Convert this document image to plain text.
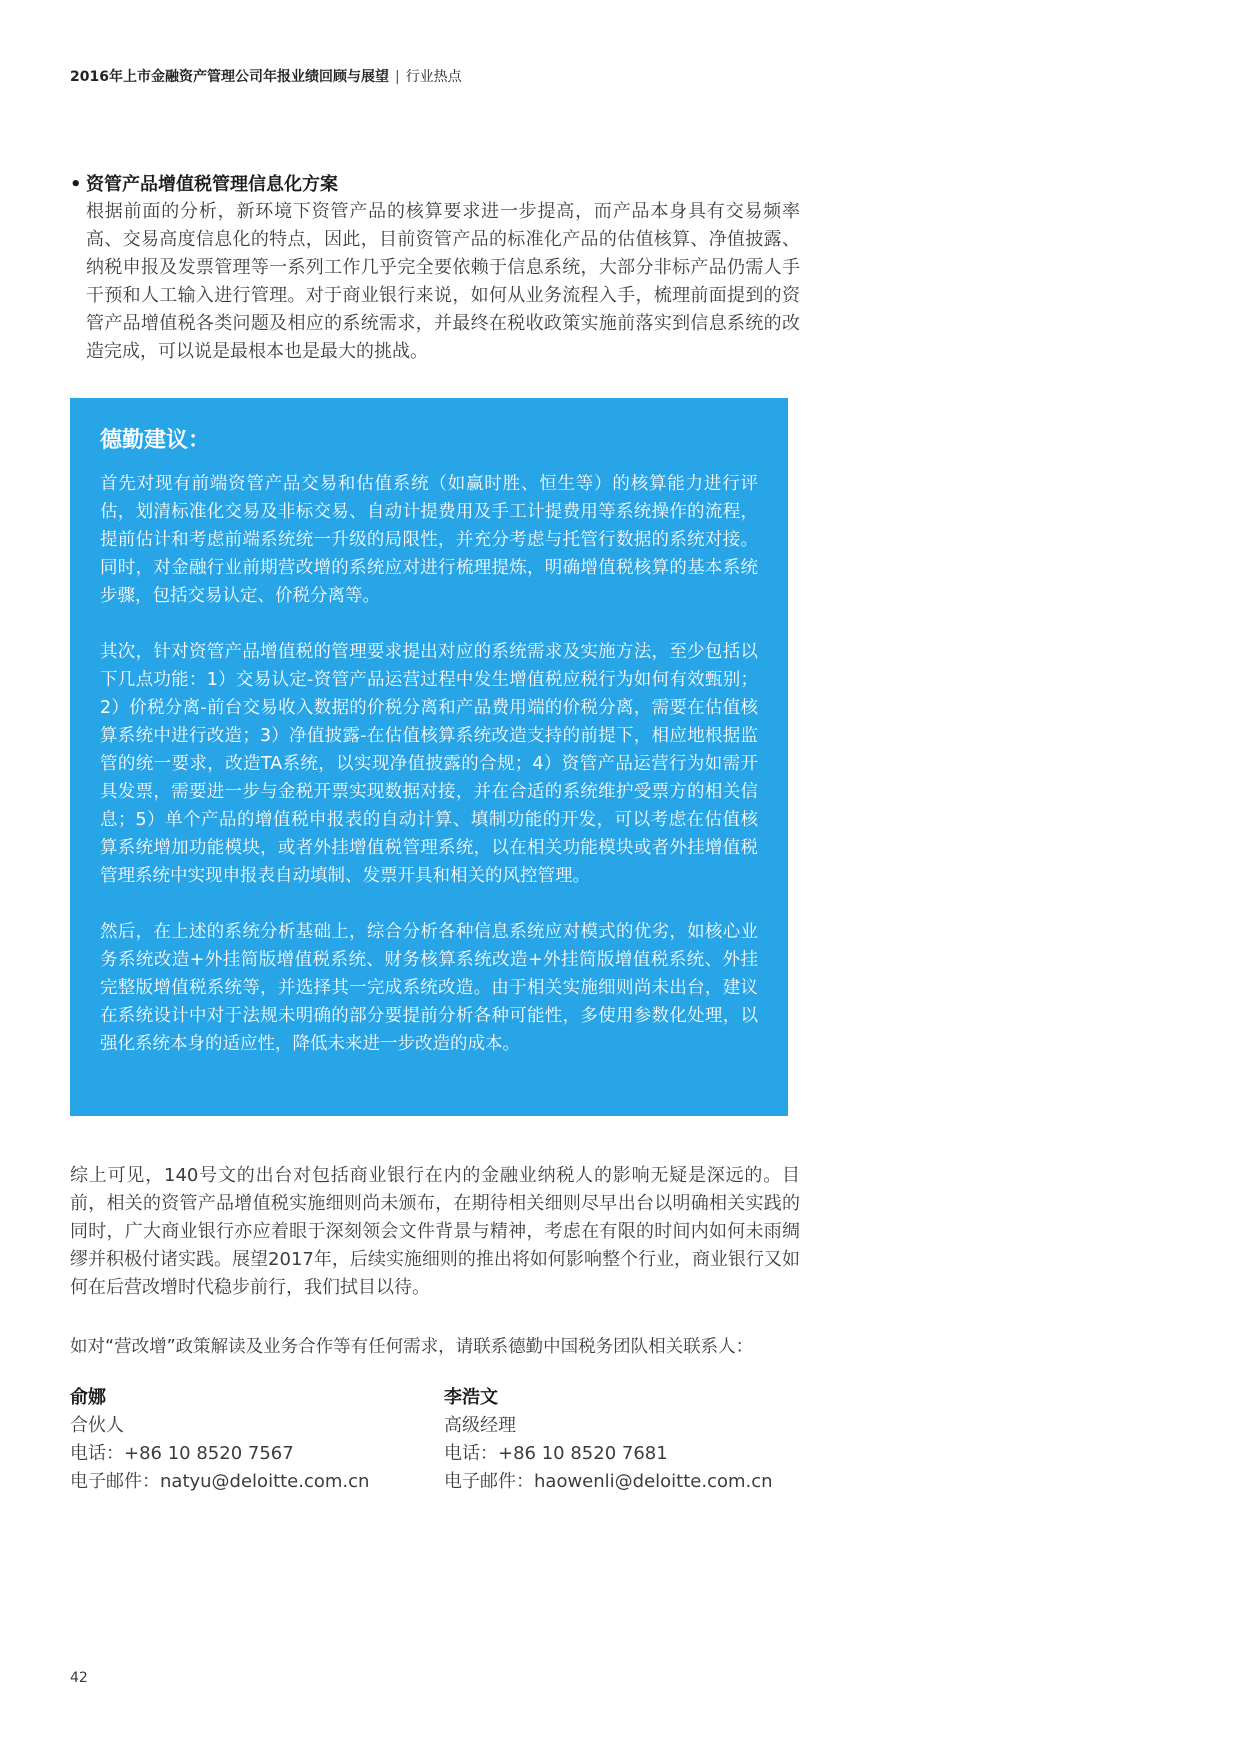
2016年上市金融资产管理公司年报业绩回顾与展望 | 行业热点
• 资管产品增值税管理信息化方案
根据前面的分析，新环境下资管产品的核算要求进一步提高，而产品本身具有交易频率高、交易高度信息化的特点，因此，目前资管产品的标准化产品的估值核算、净值披露、纳税申报及发票管理等一系列工作几乎完全要依赖于信息系统，大部分非标产品仍需人手干预和人工输入进行管理。对于商业银行来说，如何从业务流程入手，梳理前面提到的资管产品增值税各类问题及相应的系统需求，并最终在税收政策实施前落实到信息系统的改造完成，可以说是最根本也是最大的挑战。
德勤建议：

首先对现有前端资管产品交易和估值系统（如赢时胜、恒生等）的核算能力进行评估，划清标准化交易及非标交易、自动计提费用及手工计提费用等系统操作的流程，提前估计和考虑前端系统统一升级的局限性，并充分考虑与托管行数据的系统对接。同时，对金融行业前期营改增的系统应对进行梳理提炼，明确增值税核算的基本系统步骤，包括交易认定、价税分离等。

其次，针对资管产品增值税的管理要求提出对应的系统需求及实施方法，至少包括以下几点功能：1）交易认定-资管产品运营过程中发生增值税应税行为如何有效甄别；2）价税分离-前台交易收入数据的价税分离和产品费用端的价税分离，需要在估值核算系统中进行改造；3）净值披露-在估值核算系统改造支持的前提下，相应地根据监管的统一要求，改造TA系统，以实现净值披露的合规；4）资管产品运营行为如需开具发票，需要进一步与金税开票实现数据对接，并在合适的系统维护受票方的相关信息；5）单个产品的增值税申报表的自动计算、填制功能的开发，可以考虑在估值核算系统增加功能模块，或者外挂增值税管理系统，以在相关功能模块或者外挂增值税管理系统中实现申报表自动填制、发票开具和相关的风控管理。

然后，在上述的系统分析基础上，综合分析各种信息系统应对模式的优劣，如核心业务系统改造+外挂简版增值税系统、财务核算系统改造+外挂简版增值税系统、外挂完整版增值税系统等，并选择其一完成系统改造。由于相关实施细则尚未出台，建议在系统设计中对于法规未明确的部分要提前分析各种可能性，多使用参数化处理，以强化系统本身的适应性，降低未来进一步改造的成本。

综上可见，140号文的出台对包括商业银行在内的金融业纳税人的影响无疑是深远的。目前，相关的资管产品增值税实施细则尚未颁布，在期待相关细则尽早出台以明确相关实践的同时，广大商业银行亦应着眼于深刻领会文件背景与精神，考虑在有限的时间内如何未雨绸缪并积极付诸实践。展望2017年，后续实施细则的推出将如何影响整个行业，商业银行又如何在后营改增时代稳步前行，我们拭目以待。
如对“营改增”政策解读及业务合作等有任何需求，请联系德勤中国税务团队相关联系人：
俞娜
合伙人
电话：+86 10 8520 7567
电子邮件：natyu@deloitte.com.cn
李浩文
高级经理
电话：+86 10 8520 7681
电子邮件：haowenli@deloitte.com.cn
42
